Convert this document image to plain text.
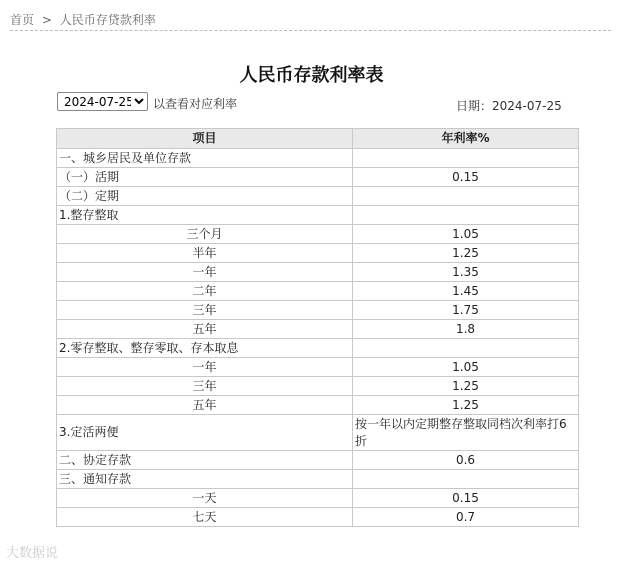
首页 > 人民币存贷款利率
人民币存款利率表
2024-07-25
以查看对应利率	日期：2024-07-25
项目	年利率%
一、城乡居民及单位存款	
（一）活期	0.15
（二）定期	
1.整存整取	
三个月	1.05
半年	1.25
一年	1.35
二年	1.45
三年	1.75
五年	1.8
2.零存整取、整存零取、存本取息	
一年	1.05
三年	1.25
五年	1.25
3.定活两便	按一年以内定期整存整取同档次利率打6折
二、协定存款	0.6
三、通知存款	
一天	0.15
七天	0.7
大数据说
